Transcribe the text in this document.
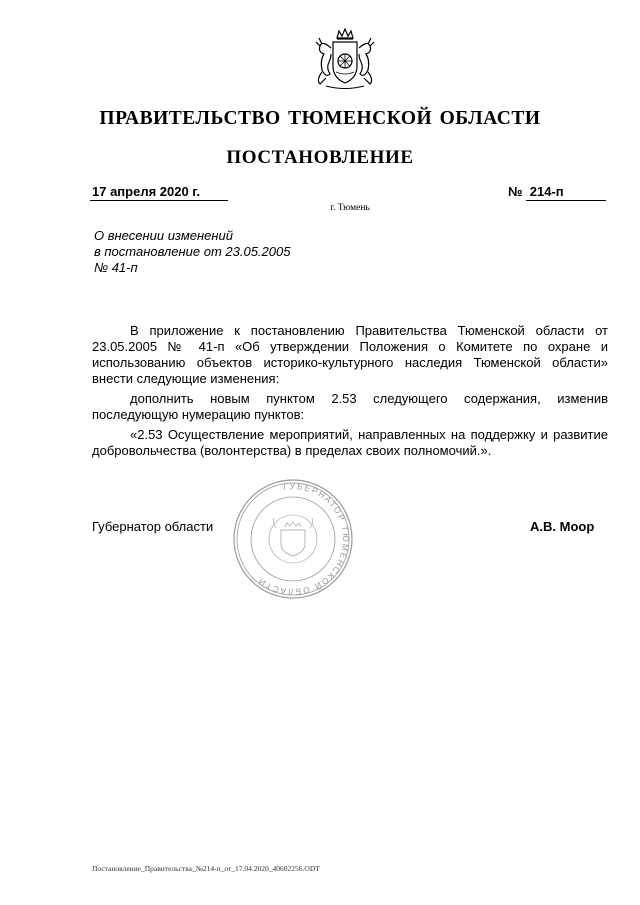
ПРАВИТЕЛЬСТВО ТЮМЕНСКОЙ ОБЛАСТИ
ПОСТАНОВЛЕНИЕ
17 апреля 2020 г.	№ 214-п
г. Тюмень
О внесении изменений
в постановление от 23.05.2005
№ 41-п

В приложение к постановлению Правительства Тюменской области от 23.05.2005 № 41-п «Об утверждении Положения о Комитете по охране и использованию объектов историко-культурного наследия Тюменской области» внести следующие изменения:

дополнить новым пунктом 2.53 следующего содержания, изменив последующую нумерацию пунктов:

«2.53 Осуществление мероприятий, направленных на поддержку и развитие добровольчества (волонтерства) в пределах своих полномочий.».

ГУБЕРНАТОР ТЮМЕНСКОЙ ОБЛАСТИ
Губернатор области	А.В. Моор
Постановление_Правительства_№214-п_от_17.04.2020_40602256.ODT
